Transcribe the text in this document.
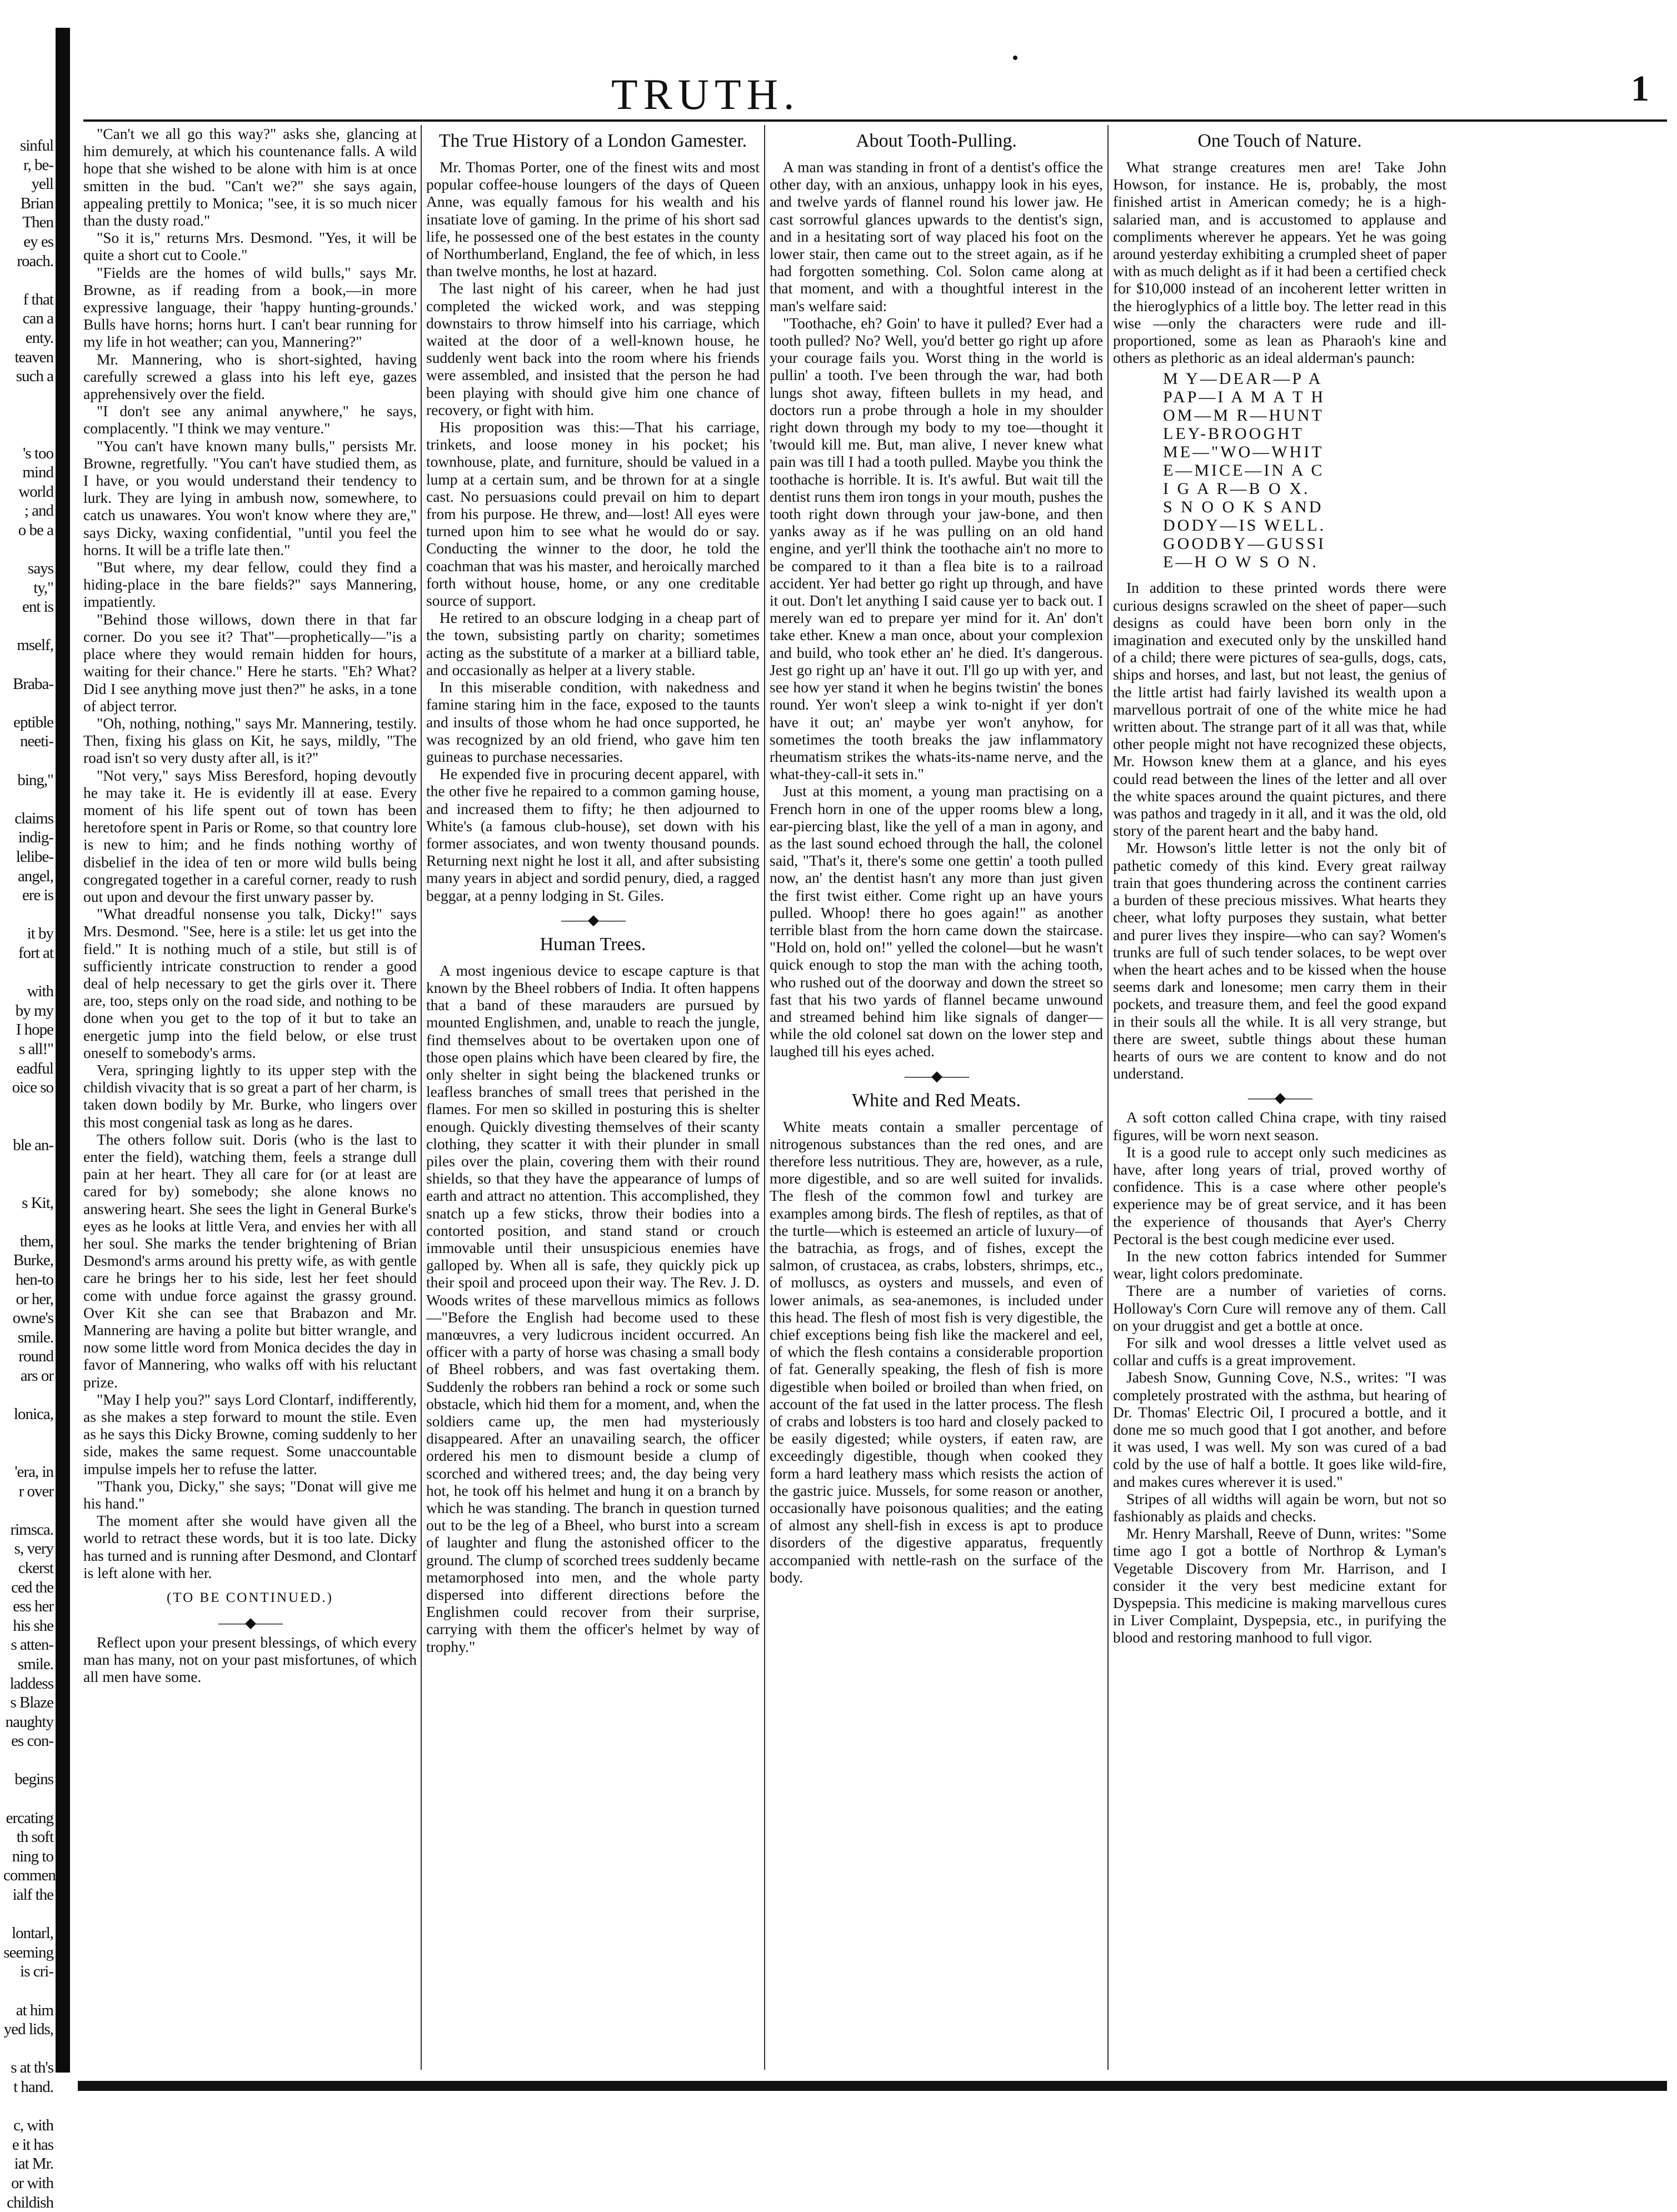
TRUTH.	1
sinful
r, be-
yell
Brian
Then
ey es
roach.
f that
can a
enty.
teaven
such a
's too
mind
world
; and
o be a
says
ty,"
ent is
mself,
Braba-
eptible
neeti-
bing,"
claims
indig-
lelibe-
angel,
ere is
it by
fort at
with
by my
I hope
s all!"
eadful
oice so
ble an-
s Kit,
them,
Burke,
hen-to
or her,
owne's
smile.
round
ars or
lonica,
'era, in
r over
rimsca.
s, very
ckerst
ced the
ess her
his she
s atten-
smile.
laddess
s Blaze
naughty
es con-
begins
ercating
th soft
ning to
commen
ialf the
lontarl,
seeming
is cri-
at him
yed lids,
s at th's
t hand.
c, with
e it has
iat Mr.
or with
childish

"Can't we all go this way?" asks she, glancing at him demurely, at which his countenance falls. A wild hope that she wished to be alone with him is at once smitten in the bud. "Can't we?" she says again, appealing prettily to Monica; "see, it is so much nicer than the dusty road."

"So it is," returns Mrs. Desmond. "Yes, it will be quite a short cut to Coole."

"Fields are the homes of wild bulls," says Mr. Browne, as if reading from a book,—in more expressive language, their 'happy hunting-grounds.' Bulls have horns; horns hurt. I can't bear running for my life in hot weather; can you, Mannering?"

Mr. Mannering, who is short-sighted, having carefully screwed a glass into his left eye, gazes apprehensively over the field.

"I don't see any animal anywhere," he says, complacently. "I think we may venture."

"You can't have known many bulls," persists Mr. Browne, regretfully. "You can't have studied them, as I have, or you would understand their tendency to lurk. They are lying in ambush now, somewhere, to catch us unawares. You won't know where they are," says Dicky, waxing confidential, "until you feel the horns. It will be a trifle late then."

"But where, my dear fellow, could they find a hiding-place in the bare fields?" says Mannering, impatiently.

"Behind those willows, down there in that far corner. Do you see it? That"—prophetically—"is a place where they would remain hidden for hours, waiting for their chance." Here he starts. "Eh? What? Did I see anything move just then?" he asks, in a tone of abject terror.

"Oh, nothing, nothing," says Mr. Mannering, testily. Then, fixing his glass on Kit, he says, mildly, "The road isn't so very dusty after all, is it?"

"Not very," says Miss Beresford, hoping devoutly he may take it. He is evidently ill at ease. Every moment of his life spent out of town has been heretofore spent in Paris or Rome, so that country lore is new to him; and he finds nothing worthy of disbelief in the idea of ten or more wild bulls being congregated together in a careful corner, ready to rush out upon and devour the first unwary passer by.

"What dreadful nonsense you talk, Dicky!" says Mrs. Desmond. "See, here is a stile: let us get into the field." It is nothing much of a stile, but still is of sufficiently intricate construction to render a good deal of help necessary to get the girls over it. There are, too, steps only on the road side, and nothing to be done when you get to the top of it but to take an energetic jump into the field below, or else trust oneself to somebody's arms.

Vera, springing lightly to its upper step with the childish vivacity that is so great a part of her charm, is taken down bodily by Mr. Burke, who lingers over this most congenial task as long as he dares.

The others follow suit. Doris (who is the last to enter the field), watching them, feels a strange dull pain at her heart. They all care for (or at least are cared for by) somebody; she alone knows no answering heart. She sees the light in General Burke's eyes as he looks at little Vera, and envies her with all her soul. She marks the tender brightening of Brian Desmond's arms around his pretty wife, as with gentle care he brings her to his side, lest her feet should come with undue force against the grassy ground. Over Kit she can see that Brabazon and Mr. Mannering are having a polite but bitter wrangle, and now some little word from Monica decides the day in favor of Mannering, who walks off with his reluctant prize.

"May I help you?" says Lord Clontarf, indifferently, as she makes a step forward to mount the stile. Even as he says this Dicky Browne, coming suddenly to her side, makes the same request. Some unaccountable impulse impels her to refuse the latter.

"Thank you, Dicky," she says; "Donat will give me his hand."

The moment after she would have given all the world to retract these words, but it is too late. Dicky has turned and is running after Desmond, and Clontarf is left alone with her.

(TO BE CONTINUED.)
——◆——

Reflect upon your present blessings, of which every man has many, not on your past misfortunes, of which all men have some.

The True History of a London Gamester.

Mr. Thomas Porter, one of the finest wits and most popular coffee-house loungers of the days of Queen Anne, was equally famous for his wealth and his insatiate love of gaming. In the prime of his short sad life, he possessed one of the best estates in the county of Northumberland, England, the fee of which, in less than twelve months, he lost at hazard.

The last night of his career, when he had just completed the wicked work, and was stepping downstairs to throw himself into his carriage, which waited at the door of a well-known house, he suddenly went back into the room where his friends were assembled, and insisted that the person he had been playing with should give him one chance of recovery, or fight with him.

His proposition was this:—That his carriage, trinkets, and loose money in his pocket; his townhouse, plate, and furniture, should be valued in a lump at a certain sum, and be thrown for at a single cast. No persuasions could prevail on him to depart from his purpose. He threw, and—lost! All eyes were turned upon him to see what he would do or say. Conducting the winner to the door, he told the coachman that was his master, and heroically marched forth without house, home, or any one creditable source of support.

He retired to an obscure lodging in a cheap part of the town, subsisting partly on charity; sometimes acting as the substitute of a marker at a billiard table, and occasionally as helper at a livery stable.

In this miserable condition, with nakedness and famine staring him in the face, exposed to the taunts and insults of those whom he had once supported, he was recognized by an old friend, who gave him ten guineas to purchase necessaries.

He expended five in procuring decent apparel, with the other five he repaired to a common gaming house, and increased them to fifty; he then adjourned to White's (a famous club-house), set down with his former associates, and won twenty thousand pounds. Returning next night he lost it all, and after subsisting many years in abject and sordid penury, died, a ragged beggar, at a penny lodging in St. Giles.

——◆——
Human Trees.

A most ingenious device to escape capture is that known by the Bheel robbers of India. It often happens that a band of these marauders are pursued by mounted Englishmen, and, unable to reach the jungle, find themselves about to be overtaken upon one of those open plains which have been cleared by fire, the only shelter in sight being the blackened trunks or leafless branches of small trees that perished in the flames. For men so skilled in posturing this is shelter enough. Quickly divesting themselves of their scanty clothing, they scatter it with their plunder in small piles over the plain, covering them with their round shields, so that they have the appearance of lumps of earth and attract no attention. This accomplished, they snatch up a few sticks, throw their bodies into a contorted position, and stand stand or crouch immovable until their unsuspicious enemies have galloped by. When all is safe, they quickly pick up their spoil and proceed upon their way. The Rev. J. D. Woods writes of these marvellous mimics as follows—"Before the English had become used to these manœuvres, a very ludicrous incident occurred. An officer with a party of horse was chasing a small body of Bheel robbers, and was fast overtaking them. Suddenly the robbers ran behind a rock or some such obstacle, which hid them for a moment, and, when the soldiers came up, the men had mysteriously disappeared. After an unavailing search, the officer ordered his men to dismount beside a clump of scorched and withered trees; and, the day being very hot, he took off his helmet and hung it on a branch by which he was standing. The branch in question turned out to be the leg of a Bheel, who burst into a scream of laughter and flung the astonished officer to the ground. The clump of scorched trees suddenly became metamorphosed into men, and the whole party dispersed into different directions before the Englishmen could recover from their surprise, carrying with them the officer's helmet by way of trophy."

About Tooth-Pulling.

A man was standing in front of a dentist's office the other day, with an anxious, unhappy look in his eyes, and twelve yards of flannel round his lower jaw. He cast sorrowful glances upwards to the dentist's sign, and in a hesitating sort of way placed his foot on the lower stair, then came out to the street again, as if he had forgotten something. Col. Solon came along at that moment, and with a thoughtful interest in the man's welfare said:

"Toothache, eh? Goin' to have it pulled? Ever had a tooth pulled? No? Well, you'd better go right up afore your courage fails you. Worst thing in the world is pullin' a tooth. I've been through the war, had both lungs shot away, fifteen bullets in my head, and doctors run a probe through a hole in my shoulder right down through my body to my toe—thought it 'twould kill me. But, man alive, I never knew what pain was till I had a tooth pulled. Maybe you think the toothache is horrible. It is. It's awful. But wait till the dentist runs them iron tongs in your mouth, pushes the tooth right down through your jaw-bone, and then yanks away as if he was pulling on an old hand engine, and yer'll think the toothache ain't no more to be compared to it than a flea bite is to a railroad accident. Yer had better go right up through, and have it out. Don't let anything I said cause yer to back out. I merely wan ed to prepare yer mind for it. An' don't take ether. Knew a man once, about your complexion and build, who took ether an' he died. It's dangerous. Jest go right up an' have it out. I'll go up with yer, and see how yer stand it when he begins twistin' the bones round. Yer won't sleep a wink to-night if yer don't have it out; an' maybe yer won't anyhow, for sometimes the tooth breaks the jaw inflammatory rheumatism strikes the whats-its-name nerve, and the what-they-call-it sets in."

Just at this moment, a young man practising on a French horn in one of the upper rooms blew a long, ear-piercing blast, like the yell of a man in agony, and as the last sound echoed through the hall, the colonel said, "That's it, there's some one gettin' a tooth pulled now, an' the dentist hasn't any more than just given the first twist either. Come right up an have yours pulled. Whoop! there ho goes again!" as another terrible blast from the horn came down the staircase. "Hold on, hold on!" yelled the colonel—but he wasn't quick enough to stop the man with the aching tooth, who rushed out of the doorway and down the street so fast that his two yards of flannel became unwound and streamed behind him like signals of danger—while the old colonel sat down on the lower step and laughed till his eyes ached.

——◆——
White and Red Meats.

White meats contain a smaller percentage of nitrogenous substances than the red ones, and are therefore less nutritious. They are, however, as a rule, more digestible, and so are well suited for invalids. The flesh of the common fowl and turkey are examples among birds. The flesh of reptiles, as that of the turtle—which is esteemed an article of luxury—of the batrachia, as frogs, and of fishes, except the salmon, of crustacea, as crabs, lobsters, shrimps, etc., of molluscs, as oysters and mussels, and even of lower animals, as sea-anemones, is included under this head. The flesh of most fish is very digestible, the chief exceptions being fish like the mackerel and eel, of which the flesh contains a considerable proportion of fat. Generally speaking, the flesh of fish is more digestible when boiled or broiled than when fried, on account of the fat used in the latter process. The flesh of crabs and lobsters is too hard and closely packed to be easily digested; while oysters, if eaten raw, are exceedingly digestible, though when cooked they form a hard leathery mass which resists the action of the gastric juice. Mussels, for some reason or another, occasionally have poisonous qualities; and the eating of almost any shell-fish in excess is apt to produce disorders of the digestive apparatus, frequently accompanied with nettle-rash on the surface of the body.

One Touch of Nature.

What strange creatures men are! Take John Howson, for instance. He is, probably, the most finished artist in American comedy; he is a high-salaried man, and is accustomed to applause and compliments wherever he appears. Yet he was going around yesterday exhibiting a crumpled sheet of paper with as much delight as if it had been a certified check for $10,000 instead of an incoherent letter written in the hieroglyphics of a little boy. The letter read in this wise —only the characters were rude and ill-proportioned, some as lean as Pharaoh's kine and others as plethoric as an ideal alderman's paunch:

M Y—DEAR—P A
PAP—I A M A T H
OM—M R—HUNT
LEY-BROOGHT
ME—"WO—WHIT
E—MICE—IN A C
I G A R—B O X.
S N O O K S AND
DODY—IS WELL.
GOODBY—GUSSI
E—H O W S O N.

In addition to these printed words there were curious designs scrawled on the sheet of paper—such designs as could have been born only in the imagination and executed only by the unskilled hand of a child; there were pictures of sea-gulls, dogs, cats, ships and horses, and last, but not least, the genius of the little artist had fairly lavished its wealth upon a marvellous portrait of one of the white mice he had written about. The strange part of it all was that, while other people might not have recognized these objects, Mr. Howson knew them at a glance, and his eyes could read between the lines of the letter and all over the white spaces around the quaint pictures, and there was pathos and tragedy in it all, and it was the old, old story of the parent heart and the baby hand.

Mr. Howson's little letter is not the only bit of pathetic comedy of this kind. Every great railway train that goes thundering across the continent carries a burden of these precious missives. What hearts they cheer, what lofty purposes they sustain, what better and purer lives they inspire—who can say? Women's trunks are full of such tender solaces, to be wept over when the heart aches and to be kissed when the house seems dark and lonesome; men carry them in their pockets, and treasure them, and feel the good expand in their souls all the while. It is all very strange, but there are sweet, subtle things about these human hearts of ours we are content to know and do not understand.

——◆——

A soft cotton called China crape, with tiny raised figures, will be worn next season.

It is a good rule to accept only such medicines as have, after long years of trial, proved worthy of confidence. This is a case where other people's experience may be of great service, and it has been the experience of thousands that Ayer's Cherry Pectoral is the best cough medicine ever used.

In the new cotton fabrics intended for Summer wear, light colors predominate.

There are a number of varieties of corns. Holloway's Corn Cure will remove any of them. Call on your druggist and get a bottle at once.

For silk and wool dresses a little velvet used as collar and cuffs is a great improvement.

Jabesh Snow, Gunning Cove, N.S., writes: "I was completely prostrated with the asthma, but hearing of Dr. Thomas' Electric Oil, I procured a bottle, and it done me so much good that I got another, and before it was used, I was well. My son was cured of a bad cold by the use of half a bottle. It goes like wild-fire, and makes cures wherever it is used."

Stripes of all widths will again be worn, but not so fashionably as plaids and checks.

Mr. Henry Marshall, Reeve of Dunn, writes: "Some time ago I got a bottle of Northrop & Lyman's Vegetable Discovery from Mr. Harrison, and I consider it the very best medicine extant for Dyspepsia. This medicine is making marvellous cures in Liver Complaint, Dyspepsia, etc., in purifying the blood and restoring manhood to full vigor.
